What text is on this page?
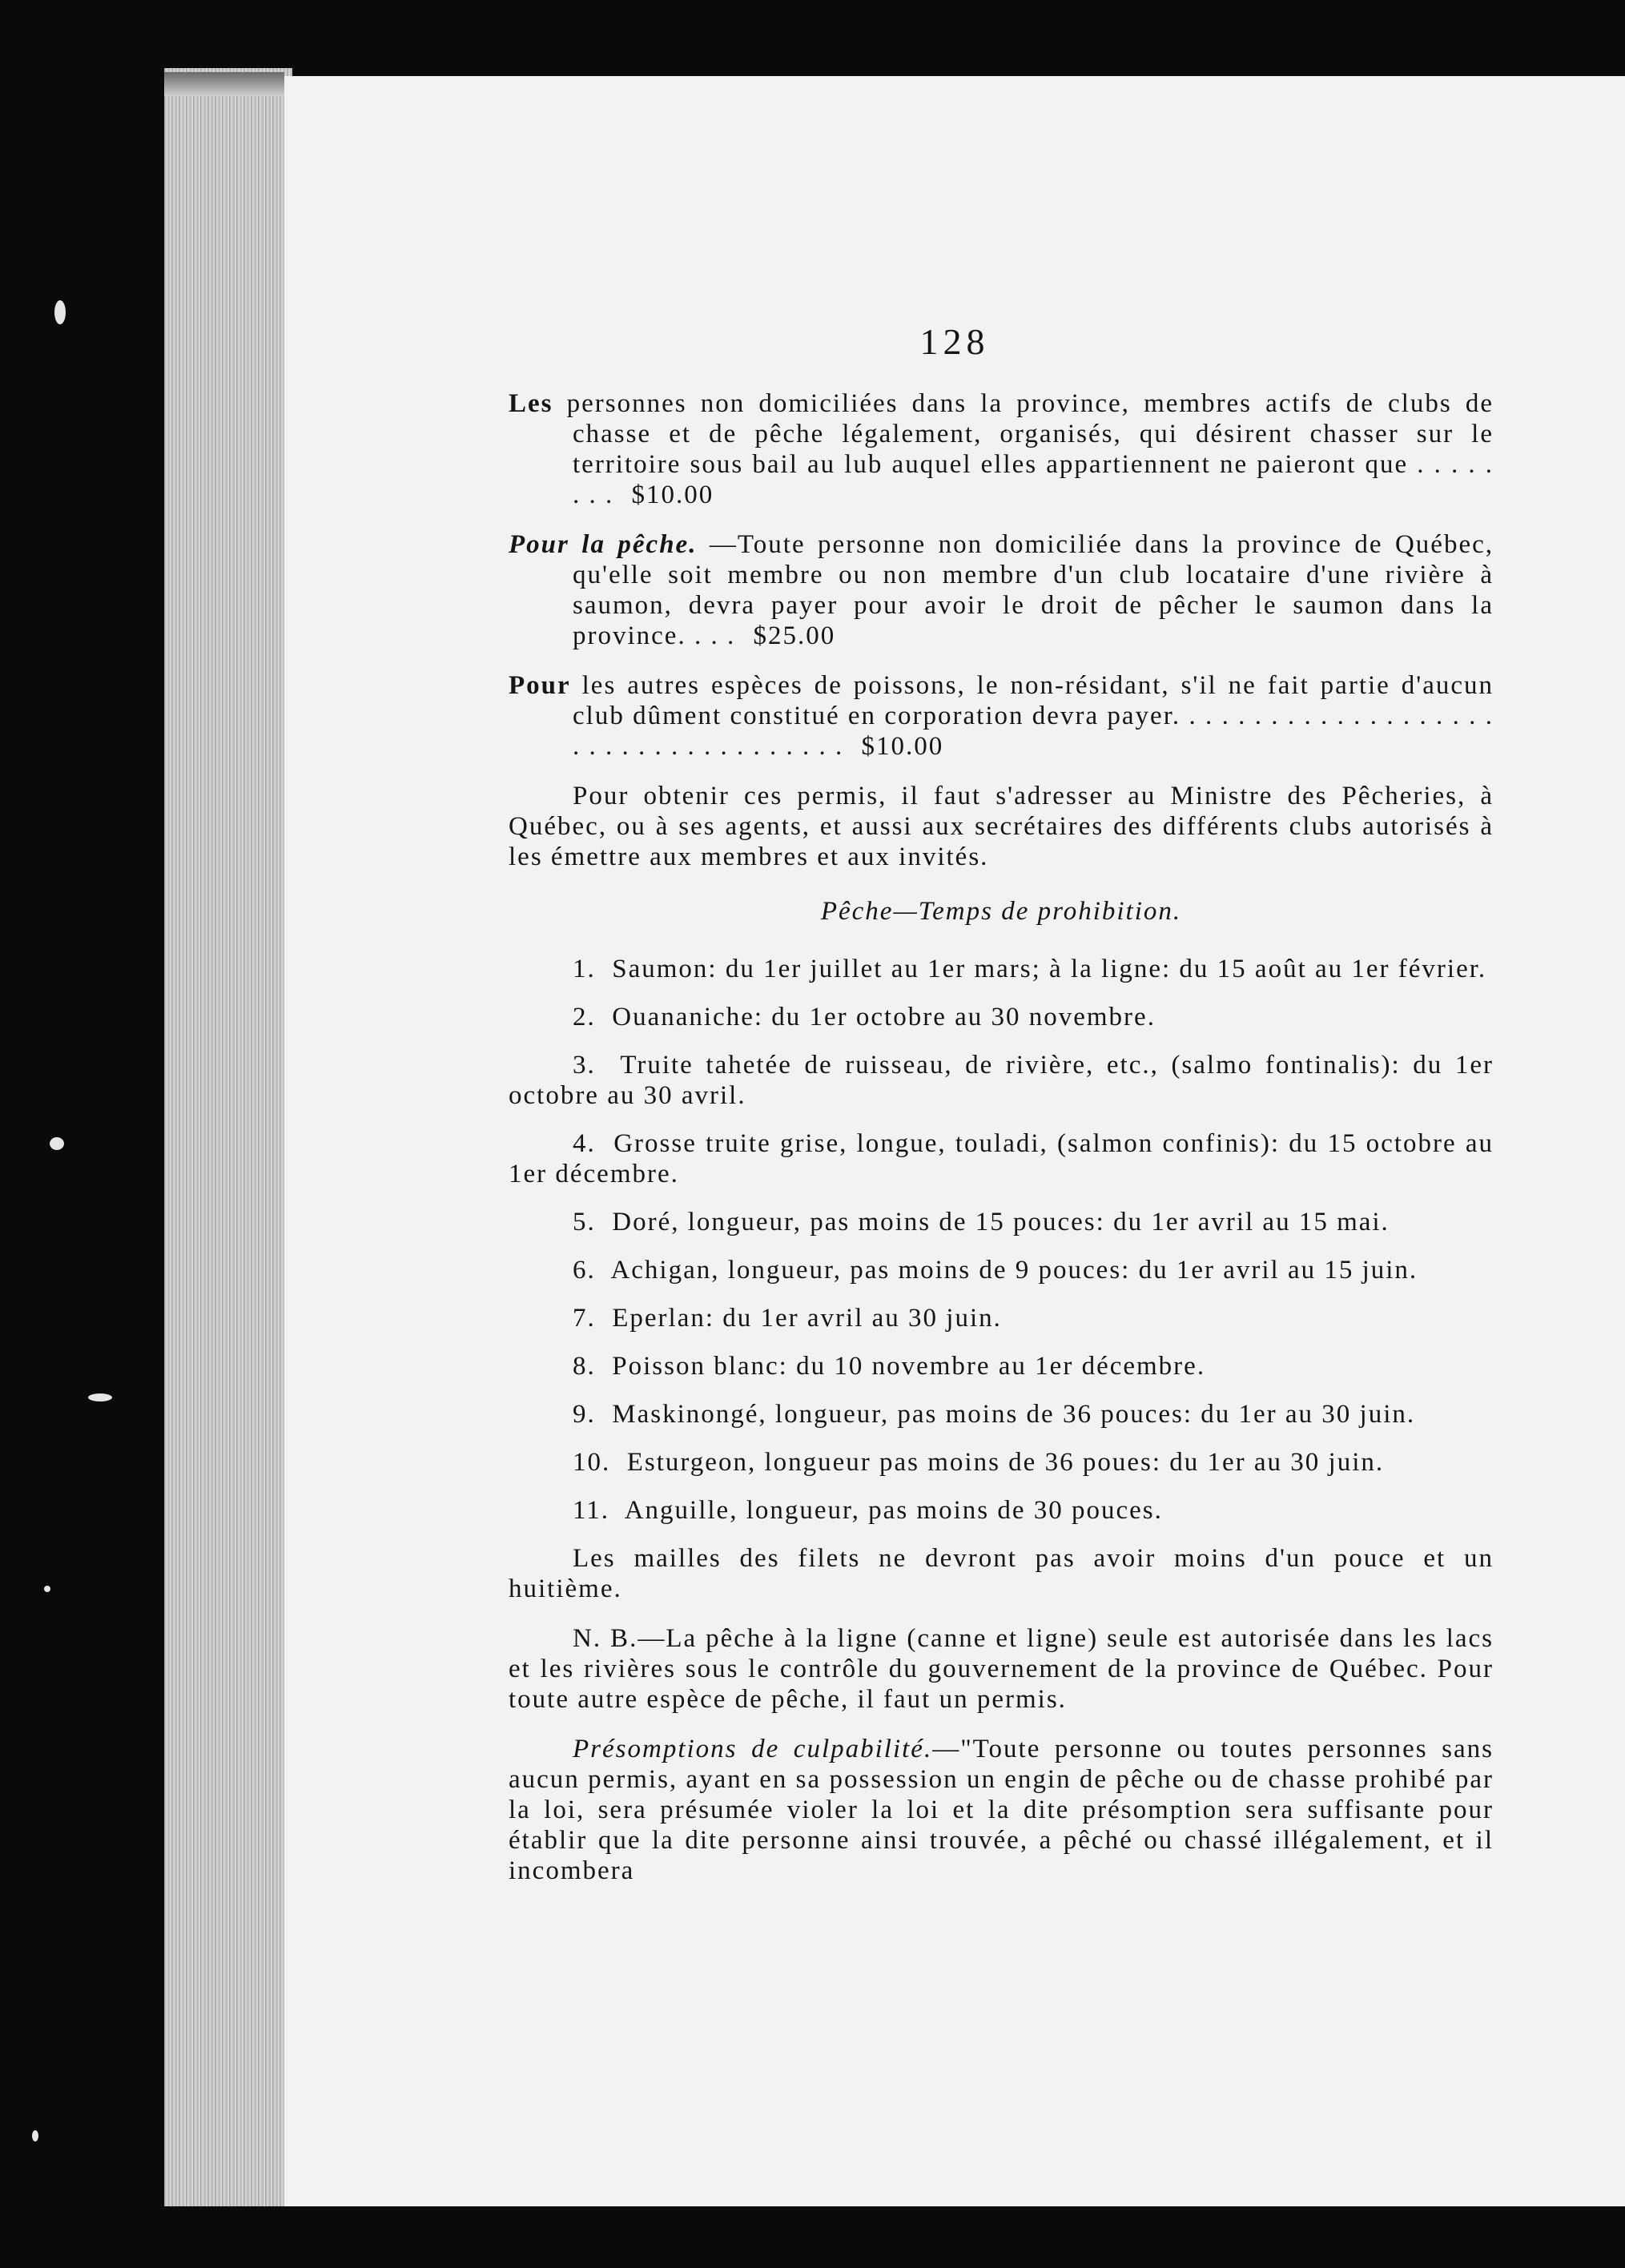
128

Les personnes non domiciliées dans la province, membres actifs de clubs de chasse et de pêche légalement, organisés, qui désirent chasser sur le territoire sous bail au lub auquel elles appartiennent ne paieront que . . . . . . . . $10.00

Pour la pêche. —Toute personne non domiciliée dans la province de Québec, qu'elle soit membre ou non membre d'un club locataire d'une rivière à saumon, devra payer pour avoir le droit de pêcher le saumon dans la province. . . . $25.00

Pour les autres espèces de poissons, le non-résidant, s'il ne fait partie d'aucun club dûment constitué en corporation devra payer. . . . . . . . . . . . . . . . . . . . . . . . . . . . . . . . . . . . . $10.00

Pour obtenir ces permis, il faut s'adresser au Ministre des Pêcheries, à Québec, ou à ses agents, et aussi aux secrétaires des différents clubs autorisés à les émettre aux membres et aux invités.

Pêche—Temps de prohibition.

1. Saumon: du 1er juillet au 1er mars; à la ligne: du 15 août au 1er février.

2. Ouananiche: du 1er octobre au 30 novembre.

3. Truite tahetée de ruisseau, de rivière, etc., (salmo fontinalis): du 1er octobre au 30 avril.

4. Grosse truite grise, longue, touladi, (salmon confinis): du 15 octobre au 1er décembre.

5. Doré, longueur, pas moins de 15 pouces: du 1er avril au 15 mai.

6. Achigan, longueur, pas moins de 9 pouces: du 1er avril au 15 juin.

7. Eperlan: du 1er avril au 30 juin.

8. Poisson blanc: du 10 novembre au 1er décembre.

9. Maskinongé, longueur, pas moins de 36 pouces: du 1er au 30 juin.

10. Esturgeon, longueur pas moins de 36 poues: du 1er au 30 juin.

11. Anguille, longueur, pas moins de 30 pouces.

Les mailles des filets ne devront pas avoir moins d'un pouce et un huitième.

N. B.—La pêche à la ligne (canne et ligne) seule est autorisée dans les lacs et les rivières sous le contrôle du gouvernement de la province de Québec. Pour toute autre espèce de pêche, il faut un permis.

Présomptions de culpabilité.—"Toute personne ou toutes personnes sans aucun permis, ayant en sa possession un engin de pêche ou de chasse prohibé par la loi, sera présumée violer la loi et la dite présomption sera suffisante pour établir que la dite personne ainsi trouvée, a pêché ou chassé illégalement, et il incombera
